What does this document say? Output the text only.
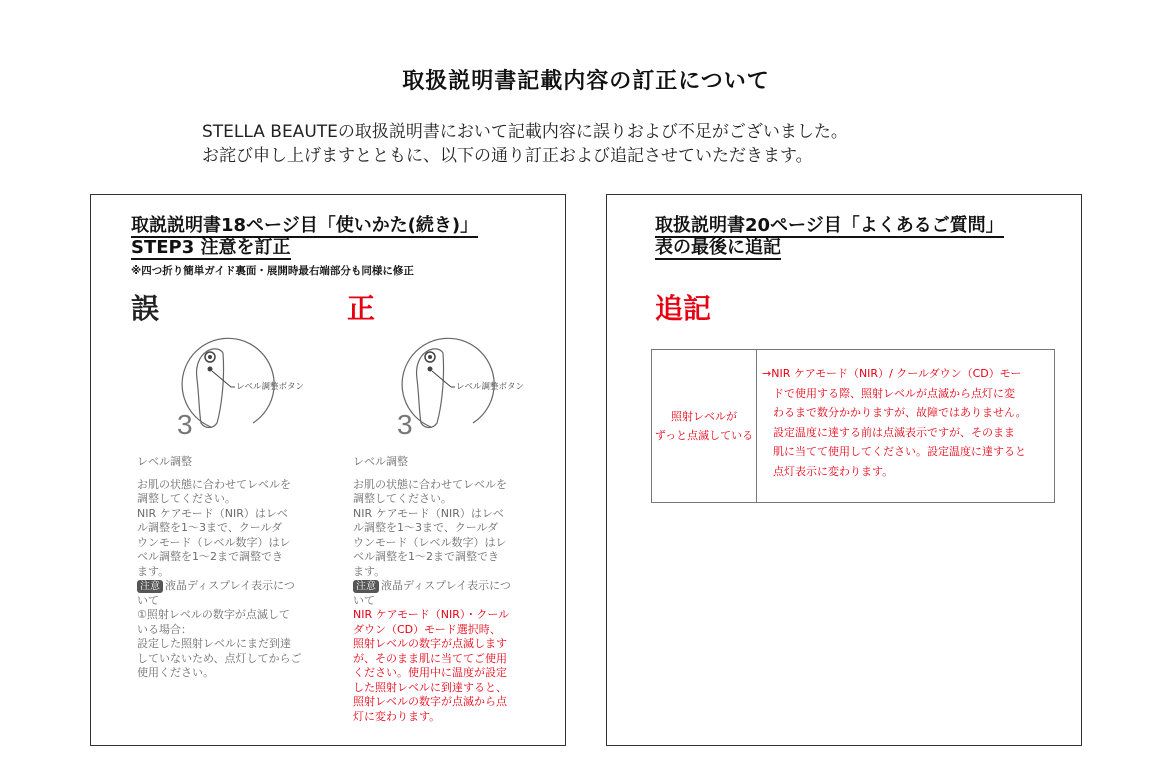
取扱説明書記載内容の訂正について
STELLA BEAUTEの取扱説明書において記載内容に誤りおよび不足がございました。
お詫び申し上げますとともに、以下の通り訂正および追記させていただきます。
取説説明書18ページ目「使いかた(続き)」
STEP3 注意を訂正
※四つ折り簡単ガイド裏面・展開時最右端部分も同様に修正
誤	正
レベル調整ボタン
3
レベル調整ボタン
3
レベル調整
お肌の状態に合わせてレベルを
調整してください。
NIR ケアモード（NIR）はレベ
ル調整を1～3まで、クールダ
ウンモード（レベル数字）はレ
ベル調整を1～2まで調整でき
ます。
注意 液晶ディスプレイ表示につ
いて
①照射レベルの数字が点滅して
いる場合：
設定した照射レベルにまだ到達
していないため、点灯してからご
使用ください。
レベル調整
お肌の状態に合わせてレベルを
調整してください。
NIR ケアモード（NIR）はレベ
ル調整を1～3まで、クールダ
ウンモード（レベル数字）はレ
ベル調整を1～2まで調整でき
ます。
注意 液晶ディスプレイ表示につ
いて
NIR ケアモード（NIR）・クール
ダウン（CD）モード選択時、
照射レベルの数字が点滅します
が、そのまま肌に当ててご使用
ください。使用中に温度が設定
した照射レベルに到達すると、
照射レベルの数字が点滅から点
灯に変わります。
取扱説明書20ページ目「よくあるご質問」
表の最後に追記
追記
照射レベルが
ずっと点滅している
→NIR ケアモード（NIR）/ クールダウン（CD）モー
　ドで使用する際、照射レベルが点滅から点灯に変
　わるまで数分かかりますが、故障ではありません。
　設定温度に達する前は点滅表示ですが、そのまま
　肌に当てて使用してください。設定温度に達すると
　点灯表示に変わります。
